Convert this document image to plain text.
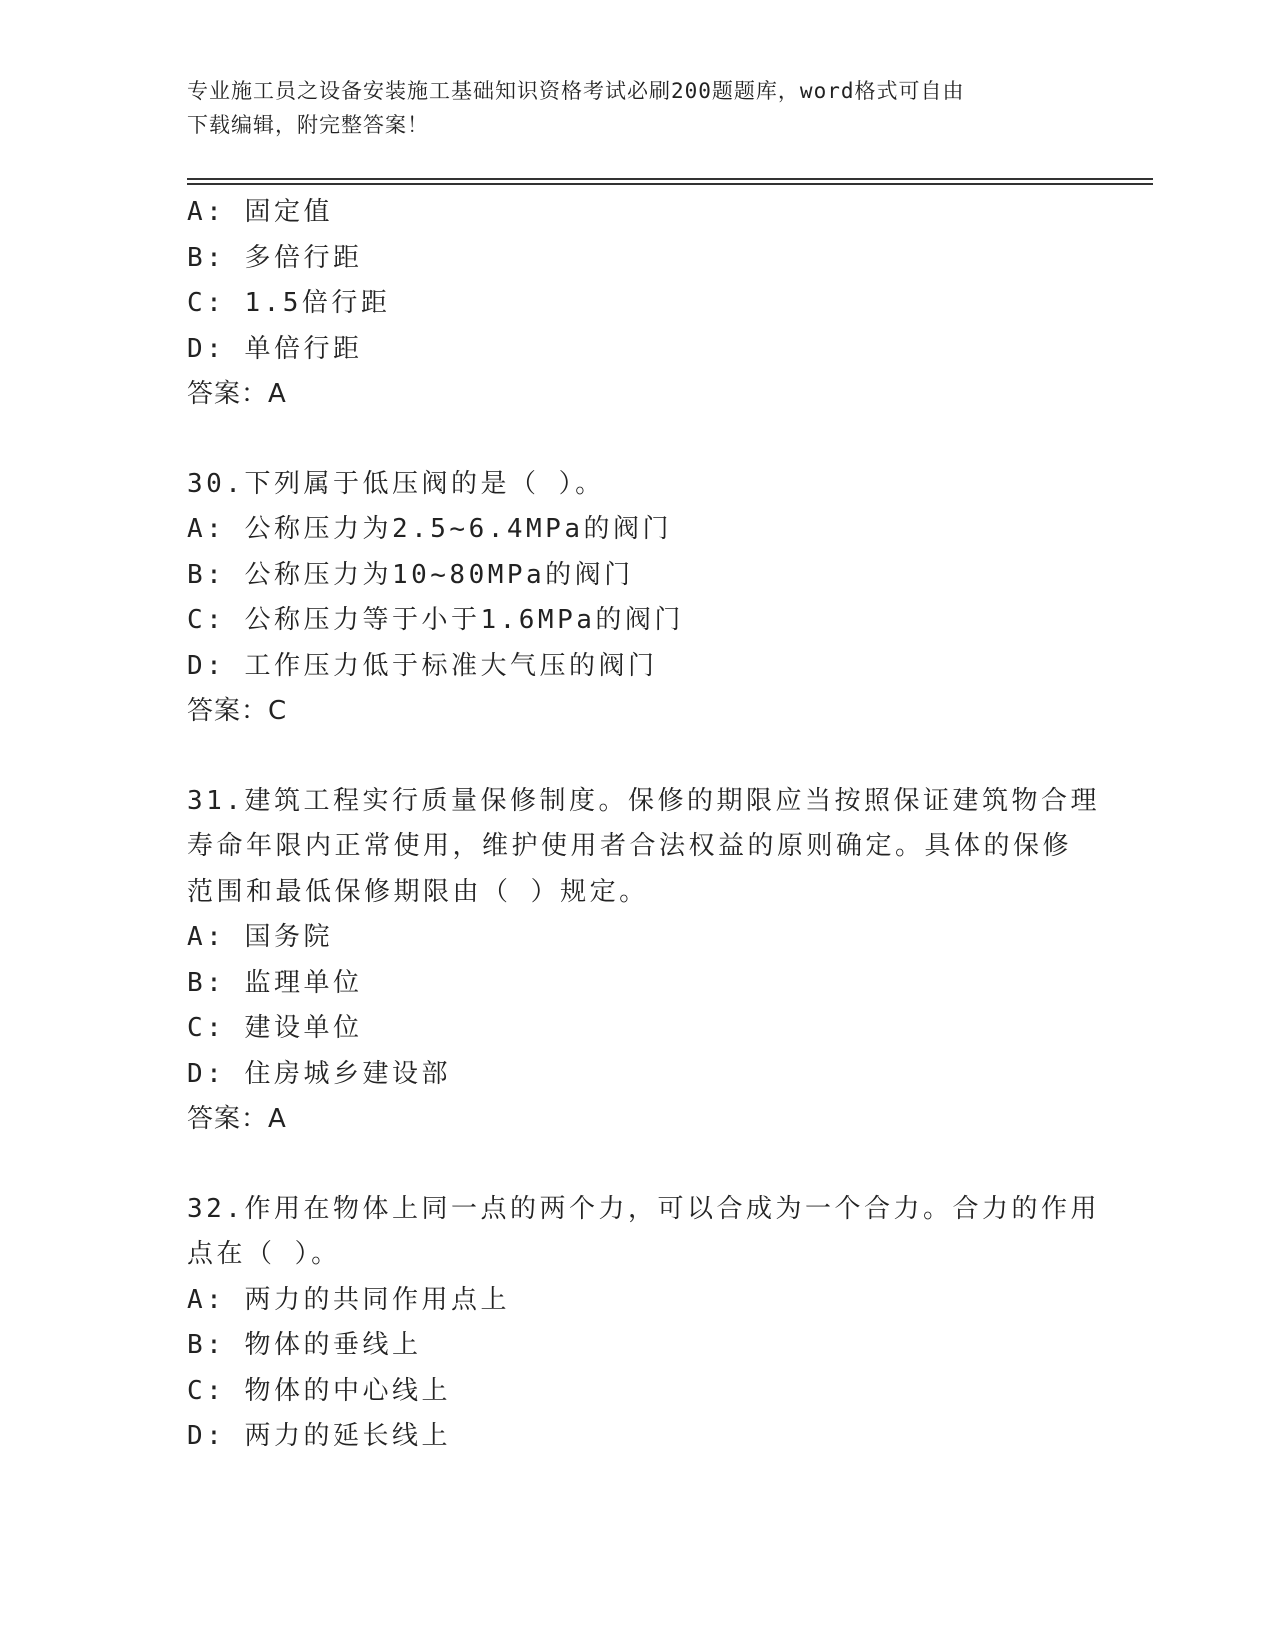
专业施工员之设备安装施工基础知识资格考试必刷200题题库，word格式可自由
下载编辑，附完整答案！
A: 固定值
B: 多倍行距
C: 1.5倍行距
D: 单倍行距
答案：A
30.下列属于低压阀的是（ ）。
A: 公称压力为2.5~6.4MPa的阀门
B: 公称压力为10~80MPa的阀门
C: 公称压力等于小于1.6MPa的阀门
D: 工作压力低于标准大气压的阀门
答案：C
31.建筑工程实行质量保修制度。保修的期限应当按照保证建筑物合理
寿命年限内正常使用，维护使用者合法权益的原则确定。具体的保修
范围和最低保修期限由（ ）规定。
A: 国务院
B: 监理单位
C: 建设单位
D: 住房城乡建设部
答案：A
32.作用在物体上同一点的两个力，可以合成为一个合力。合力的作用
点在（ ）。
A: 两力的共同作用点上
B: 物体的垂线上
C: 物体的中心线上
D: 两力的延长线上
